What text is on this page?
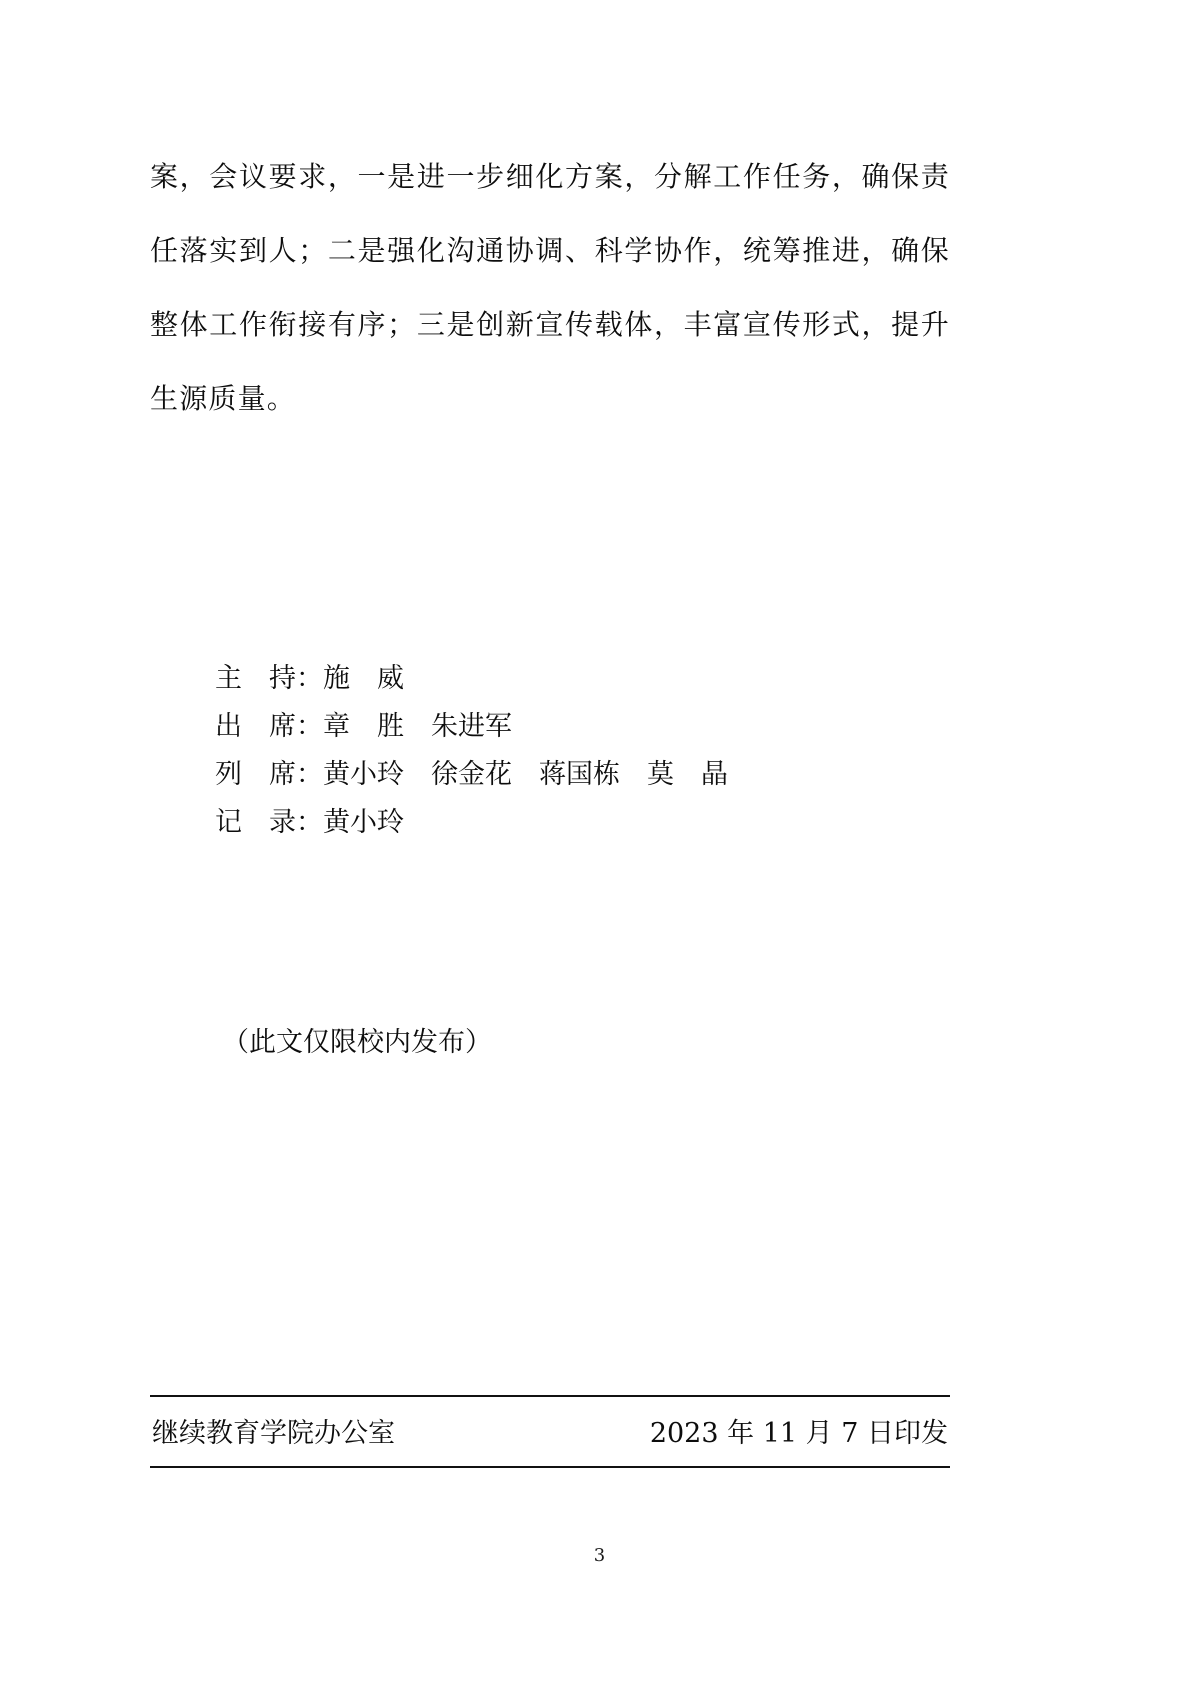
案，会议要求，一是进一步细化方案，分解工作任务，确保责任落实到人；二是强化沟通协调、科学协作，统筹推进，确保整体工作衔接有序；三是创新宣传载体，丰富宣传形式，提升生源质量。

主　持：施　威
出　席：章　胜　朱进军
列　席：黄小玲　徐金花　蒋国栋　莫　晶
记　录：黄小玲
（此文仅限校内发布）
继续教育学院办公室	2023 年 11 月 7 日印发
3
